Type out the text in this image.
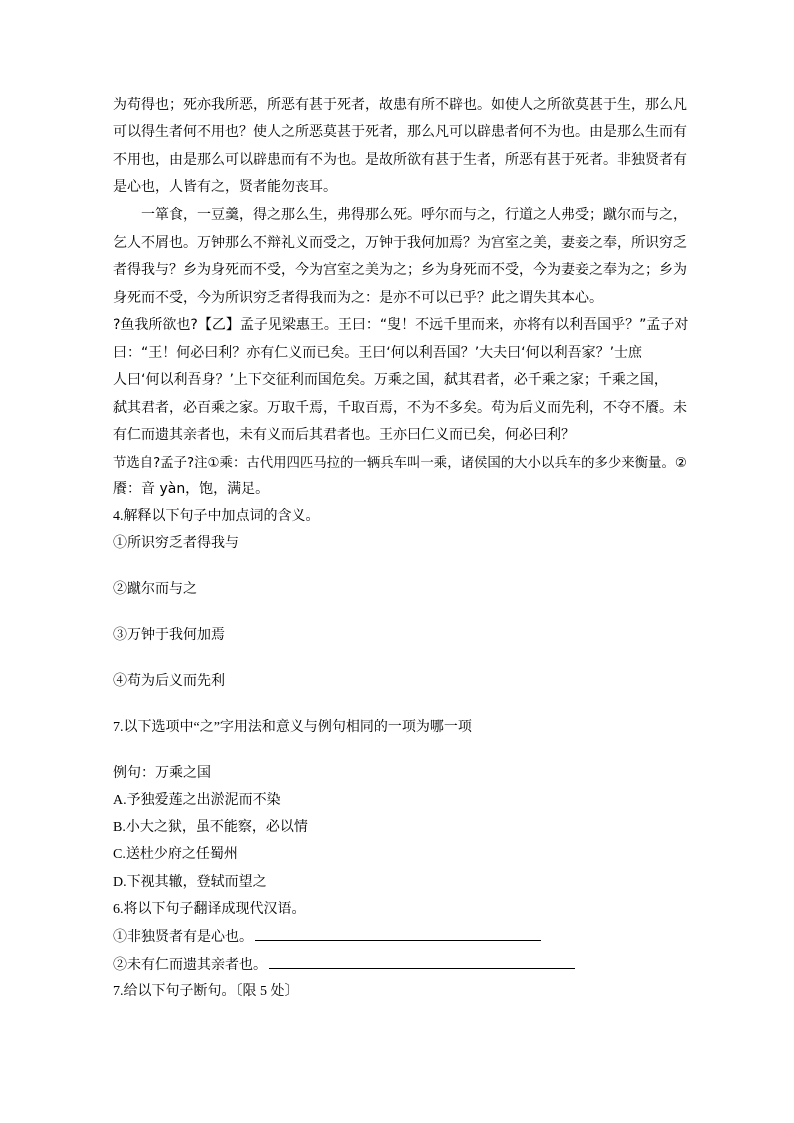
为苟得也；死亦我所恶，所恶有甚于死者，故患有所不辟也。如使人之所欲莫甚于生，那么凡
可以得生者何不用也？使人之所恶莫甚于死者，那么凡可以辟患者何不为也。由是那么生而有
不用也，由是那么可以辟患而有不为也。是故所欲有甚于生者，所恶有甚于死者。非独贤者有
是心也，人皆有之，贤者能勿丧耳。
一箪食，一豆羹，得之那么生，弗得那么死。呼尔而与之，行道之人弗受；蹴尔而与之，
乞人不屑也。万钟那么不辩礼义而受之，万钟于我何加焉？为宫室之美，妻妾之奉，所识穷乏
者得我与？乡为身死而不受，今为宫室之美为之；乡为身死而不受，今为妻妾之奉为之；乡为
身死而不受，今为所识穷乏者得我而为之：是亦不可以已乎？此之谓失其本心。
?鱼我所欲也?【乙】孟子见梁惠王。王曰：“叟！不远千里而来，亦将有以利吾国乎？”孟子对
曰：“王！何必曰利？亦有仁义而已矣。王曰‘何以利吾国？’大夫曰‘何以利吾家？’士庶
人曰‘何以利吾身？’上下交征利而国危矣。万乘之国，弑其君者，必千乘之家；千乘之国，
弑其君者，必百乘之家。万取千焉，千取百焉，不为不多矣。苟为后义而先利，不夺不餍。未
有仁而遗其亲者也，未有义而后其君者也。王亦曰仁义而已矣，何必曰利？
节选自?孟子?注①乘：古代用四匹马拉的一辆兵车叫一乘，诸侯国的大小以兵车的多少来衡量。②
餍：音 yàn，饱，满足。
4.解释以下句子中加点词的含义。
①所识穷乏者得我与
②蹴尔而与之
③万钟于我何加焉
④苟为后义而先利
7.以下选项中“之”字用法和意义与例句相同的一项为哪一项
例句：万乘之国
A.予独爱莲之出淤泥而不染
B.小大之狱，虽不能察，必以情
C.送杜少府之任蜀州
D.下视其辙，登轼而望之
6.将以下句子翻译成现代汉语。
①非独贤者有是心也。
②未有仁而遗其亲者也。
7.给以下句子断句。〔限 5 处〕
